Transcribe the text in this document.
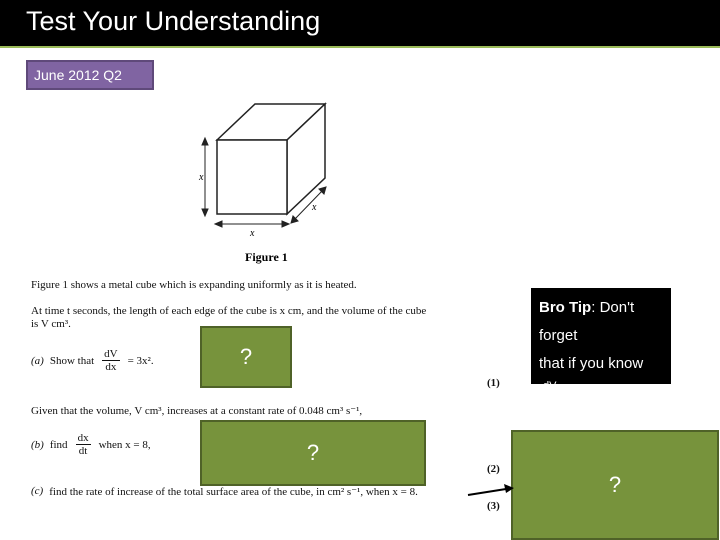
Test Your Understanding
June 2012 Q2
x
x
x
Figure 1
Figure 1 shows a metal cube which is expanding uniformly as it is heated.
At time t seconds, the length of each edge of the cube is x cm, and the volume of the cube
is V cm³.
(a) Show that $\frac{dV}{dx} = 3x^2$.
(1)
Given that the volume, V cm³, increases at a constant rate of 0.048 cm³ s⁻¹,
(b) find $\frac{dx}{dt}$ when x = 8,
(2)
(c) find the rate of increase of the total surface area of the cube, in cm² s⁻¹, when x = 8.
(3)
?
?
?
Bro Tip: Don't forget
that if you know
$\frac{dV}{dx}$
then $\frac{dx}{dV} = \frac{1}{dV/dx}$
